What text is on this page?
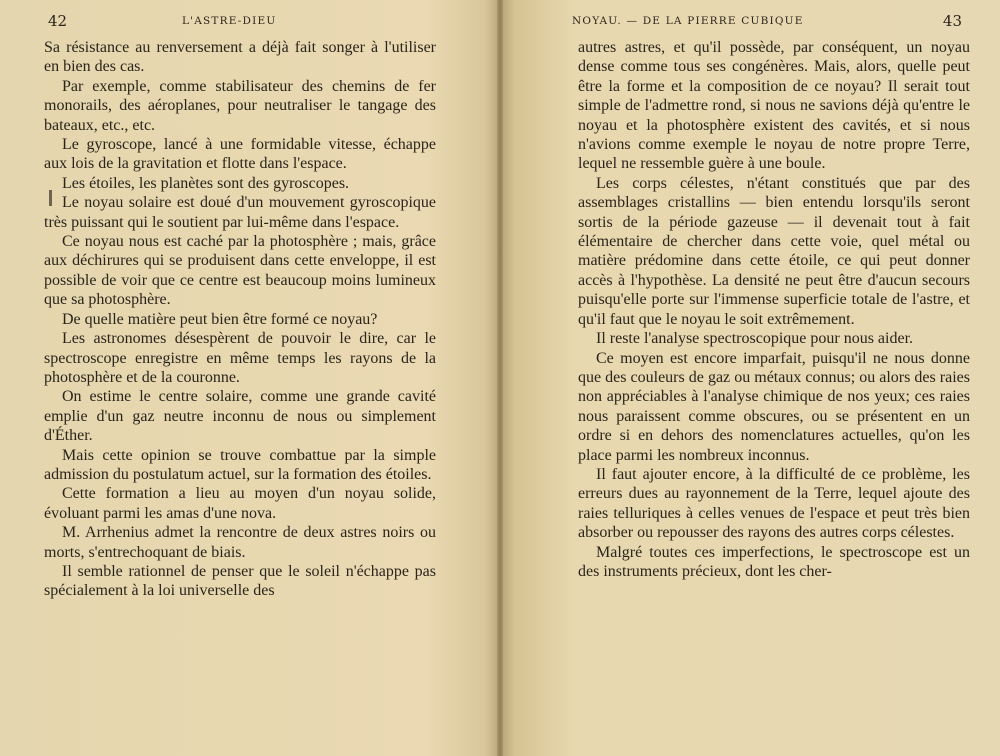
42	L'ASTRE-DIEU

Sa résistance au renversement a déjà fait songer à l'utiliser en bien des cas.

Par exemple, comme stabilisateur des chemins de fer monorails, des aéroplanes, pour neutraliser le tangage des bateaux, etc., etc.

Le gyroscope, lancé à une formidable vitesse, échappe aux lois de la gravitation et flotte dans l'espace.

Les étoiles, les planètes sont des gyroscopes.

Le noyau solaire est doué d'un mouvement gyroscopique très puissant qui le soutient par lui-même dans l'espace.

Ce noyau nous est caché par la photosphère ; mais, grâce aux déchirures qui se produisent dans cette enveloppe, il est possible de voir que ce centre est beaucoup moins lumineux que sa photosphère.

De quelle matière peut bien être formé ce noyau?

Les astronomes désespèrent de pouvoir le dire, car le spectroscope enregistre en même temps les rayons de la photosphère et de la couronne.

On estime le centre solaire, comme une grande cavité emplie d'un gaz neutre inconnu de nous ou simplement d'Éther.

Mais cette opinion se trouve combattue par la simple admission du postulatum actuel, sur la formation des étoiles.

Cette formation a lieu au moyen d'un noyau solide, évoluant parmi les amas d'une nova.

M. Arrhenius admet la rencontre de deux astres noirs ou morts, s'entrechoquant de biais.

Il semble rationnel de penser que le soleil n'échappe pas spécialement à la loi universelle des

NOYAU. — DE LA PIERRE CUBIQUE	43

autres astres, et qu'il possède, par conséquent, un noyau dense comme tous ses congénères. Mais, alors, quelle peut être la forme et la composition de ce noyau? Il serait tout simple de l'admettre rond, si nous ne savions déjà qu'entre le noyau et la photosphère existent des cavités, et si nous n'avions comme exemple le noyau de notre propre Terre, lequel ne ressemble guère à une boule.

Les corps célestes, n'étant constitués que par des assemblages cristallins — bien entendu lorsqu'ils seront sortis de la période gazeuse — il devenait tout à fait élémentaire de chercher dans cette voie, quel métal ou matière prédomine dans cette étoile, ce qui peut donner accès à l'hypothèse. La densité ne peut être d'aucun secours puisqu'elle porte sur l'immense superficie totale de l'astre, et qu'il faut que le noyau le soit extrêmement.

Il reste l'analyse spectroscopique pour nous aider.

Ce moyen est encore imparfait, puisqu'il ne nous donne que des couleurs de gaz ou métaux connus; ou alors des raies non appréciables à l'analyse chimique de nos yeux; ces raies nous paraissent comme obscures, ou se présentent en un ordre si en dehors des nomenclatures actuelles, qu'on les place parmi les nombreux inconnus.

Il faut ajouter encore, à la difficulté de ce problème, les erreurs dues au rayonnement de la Terre, lequel ajoute des raies telluriques à celles venues de l'espace et peut très bien absorber ou repousser des rayons des autres corps célestes.

Malgré toutes ces imperfections, le spectroscope est un des instruments précieux, dont les cher-
